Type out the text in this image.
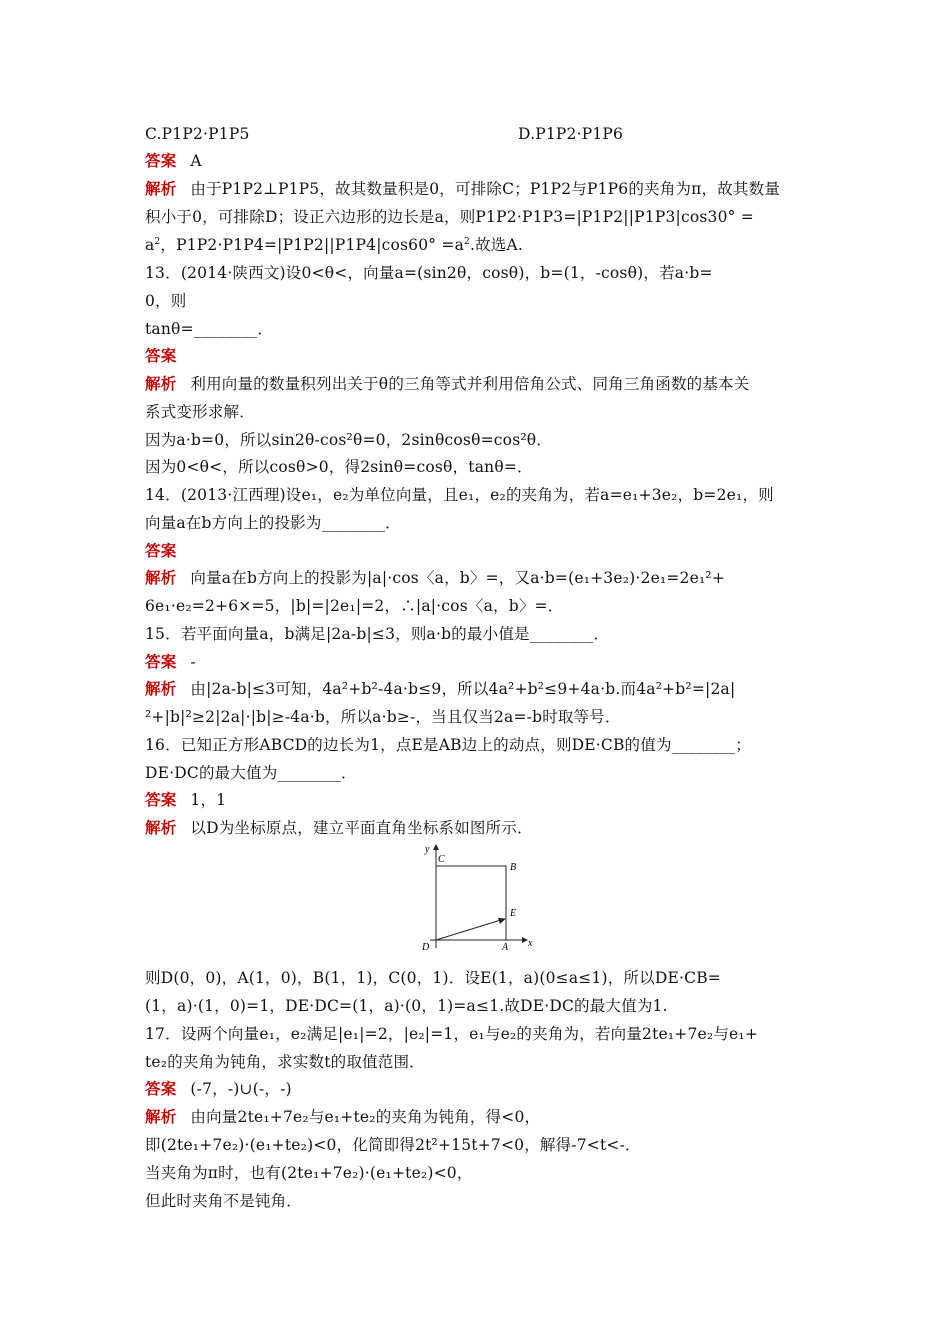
C.P1P2·P1P5	D.P1P2·P1P6
答案 A
解析 由于P1P2⊥P1P5，故其数量积是0，可排除C；P1P2与P1P6的夹角为π，故其数量
积小于0，可排除D；设正六边形的边长是a，则P1P2·P1P3=|P1P2||P1P3|cos30° =
$a^2$，$P1P2\cdot P1P4=|P1P2||P1P4|\cos 60^\circ =a^2$.故选A.
13．(2014·陕西文)设0<θ<，向量a=(sin2θ，cosθ)，b=(1，-cosθ)，若a·b=
0，则
tanθ=________．
答案
解析 利用向量的数量积列出关于θ的三角等式并利用倍角公式、同角三角函数的基本关
系式变形求解．
因为a·b=0，所以sin2θ-cos²θ=0，2sinθcosθ=cos²θ．
因为0<θ<，所以cosθ>0，得2sinθ=cosθ，tanθ=．
14．(2013·江西理)设e₁，e₂为单位向量，且e₁，e₂的夹角为，若a=e₁+3e₂，b=2e₁，则
向量a在b方向上的投影为________．
答案
解析 向量a在b方向上的投影为|a|·cos〈a，b〉=，又a·b=(e₁+3e₂)·2e₁=2e₁²+
6e₁·e₂=2+6×=5，|b|=|2e₁|=2，∴|a|·cos〈a，b〉=．
15．若平面向量a，b满足|2a-b|≤3，则a·b的最小值是________．
答案 -
解析 由|2a-b|≤3可知，4a²+b²-4a·b≤9，所以4a²+b²≤9+4a·b.而4a²+b²=|2a|
²+|b|²≥2|2a|·|b|≥-4a·b，所以a·b≥-，当且仅当2a=-b时取等号．
16．已知正方形ABCD的边长为1，点E是AB边上的动点，则DE·CB的值为________；
DE·DC的最大值为________．
答案 1，1
解析 以D为坐标原点，建立平面直角坐标系如图所示．
y
x
C
B
E
D	A
则D(0，0)，A(1，0)，B(1，1)，C(0，1)．设E(1，a)(0≤a≤1)，所以DE·CB=
(1，a)·(1，0)=1，DE·DC=(1，a)·(0，1)=a≤1.故DE·DC的最大值为1.
17．设两个向量e₁，e₂满足|e₁|=2，|e₂|=1，e₁与e₂的夹角为，若向量2te₁+7e₂与e₁+
te₂的夹角为钝角，求实数t的取值范围．
答案 (-7，-)∪(-，-)
解析 由向量2te₁+7e₂与e₁+te₂的夹角为钝角，得<0，
即(2te₁+7e₂)·(e₁+te₂)<0，化简即得2t²+15t+7<0，解得-7<t<-．
当夹角为π时，也有(2te₁+7e₂)·(e₁+te₂)<0，
但此时夹角不是钝角．
